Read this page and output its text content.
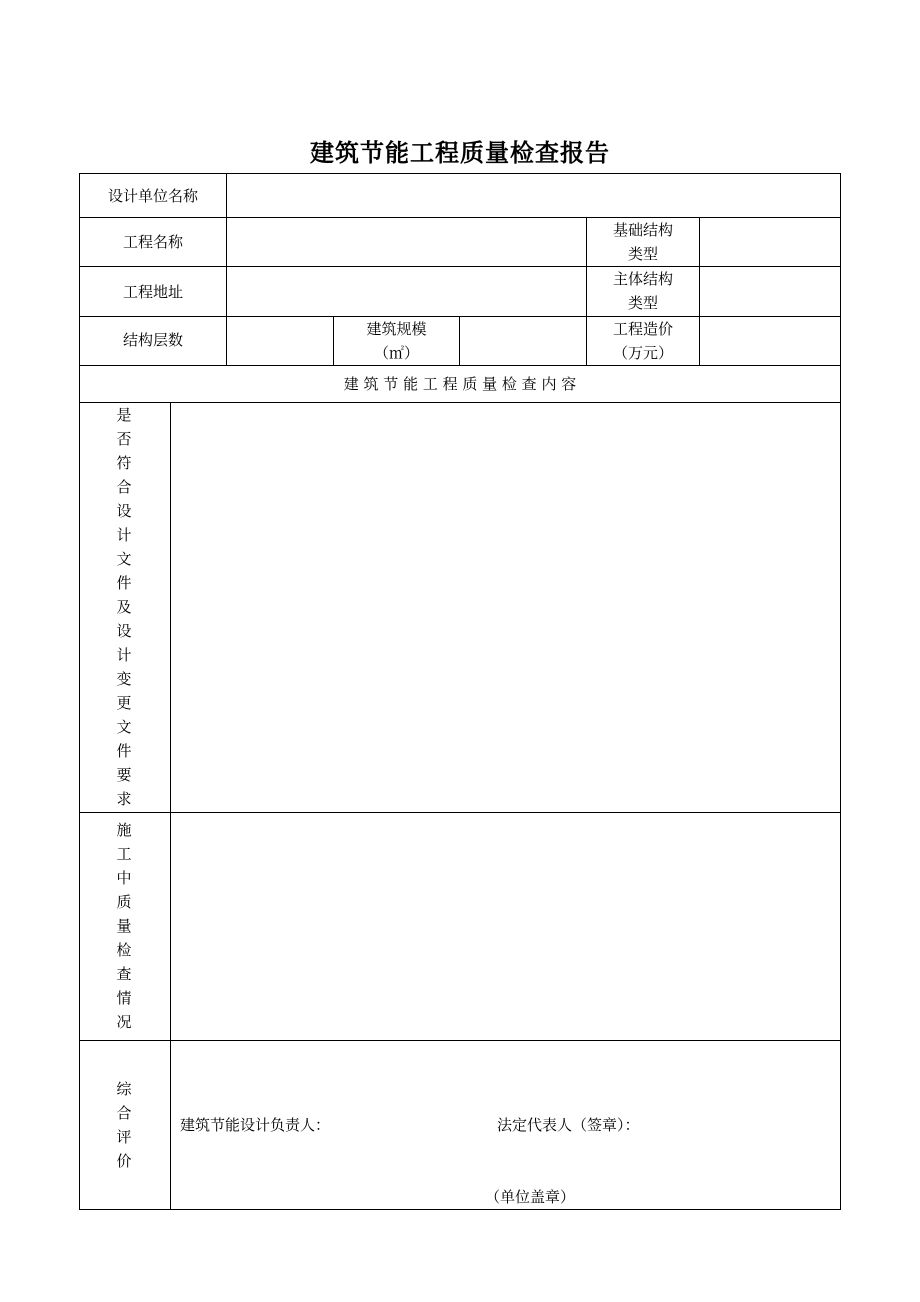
建筑节能工程质量检查报告
设计单位名称
工程名称
基础结构
类型
工程地址
主体结构
类型
结构层数
建筑规模
（㎡）
工程造价
（万元）
建 筑 节 能 工 程 质 量 检 查 内 容
是
否
符
合
设
计
文
件
及
设
计
变
更
文
件
要
求
施
工
中
质
量
检
查
情
况
综
合
评
价
建筑节能设计负责人：	法定代表人（签章）：
（单位盖章）
